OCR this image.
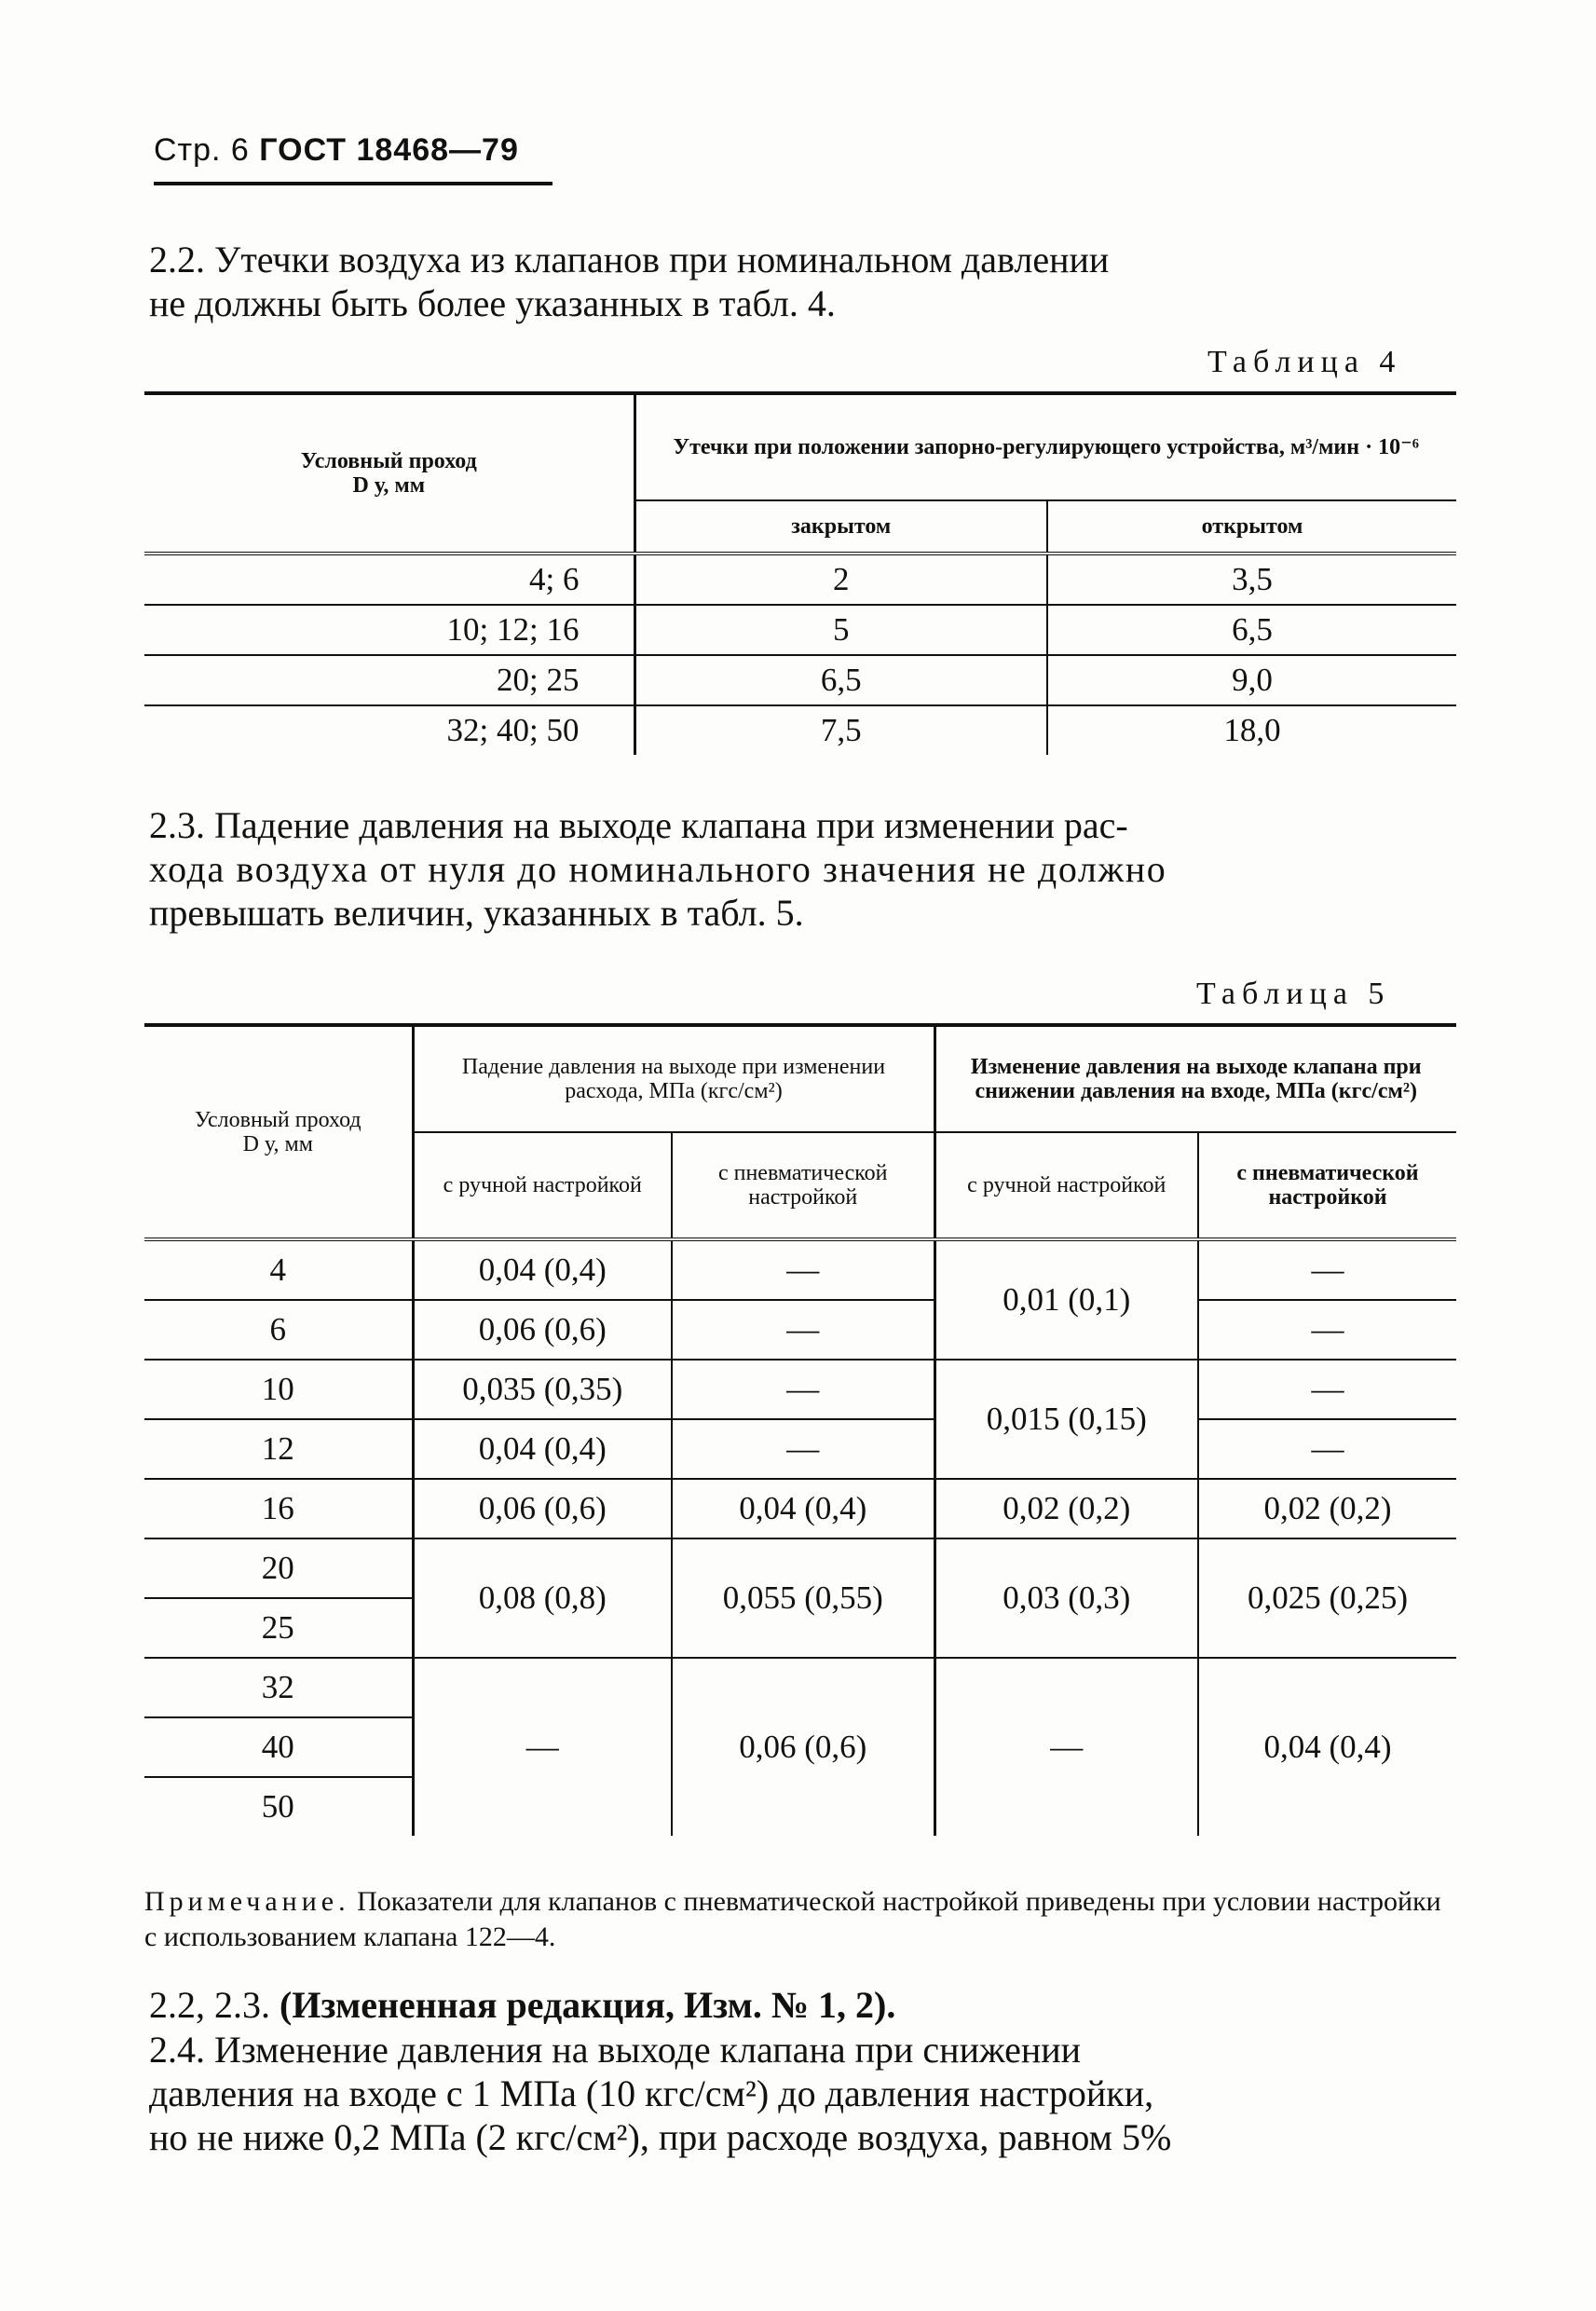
Стр. 6 ГОСТ 18468—79
2.2. Утечки воздуха из клапанов при номинальном давлении
не должны быть более указанных в табл. 4.
Таблица 4
Условный проход
D у, мм	Утечки при положении запорно-регулирующего устройства, м³/мин · 10⁻⁶	
	закрытом	открытом
4; 6	2	3,5
10; 12; 16	5	6,5
20; 25	6,5	9,0
32; 40; 50	7,5	18,0
2.3. Падение давления на выходе клапана при изменении рас-
хода воздуха от нуля до номинального значения не должно
превышать величин, указанных в табл. 5.
Таблица 5
Условный проход
D у, мм	Падение давления на выходе при изменении расхода, МПа (кгс/см²)		Изменение давления на выходе клапана при снижении давления на входе, МПа (кгс/см²)	
	с ручной настройкой	с пневматической настройкой	с ручной настройкой	с пневматической настройкой
4	0,04 (0,4)	—	0,01 (0,1)	—
6	0,06 (0,6)	—		—
10	0,035 (0,35)	—	0,015 (0,15)	—
12	0,04 (0,4)	—		—
16	0,06 (0,6)	0,04 (0,4)	0,02 (0,2)	0,02 (0,2)
20	0,08 (0,8)	0,055 (0,55)	0,03 (0,3)	0,025 (0,25)
25				
32	—	0,06 (0,6)	—	0,04 (0,4)
40				
50				
Примечание. Показатели для клапанов с пневматической настройкой приведены при условии настройки с использованием клапана 122—4.
2.2, 2.3. (Измененная редакция, Изм. № 1, 2).
2.4. Изменение давления на выходе клапана при снижении
давления на входе с 1 МПа (10 кгс/см²) до давления настройки,
но не ниже 0,2 МПа (2 кгс/см²), при расходе воздуха, равном 5%
